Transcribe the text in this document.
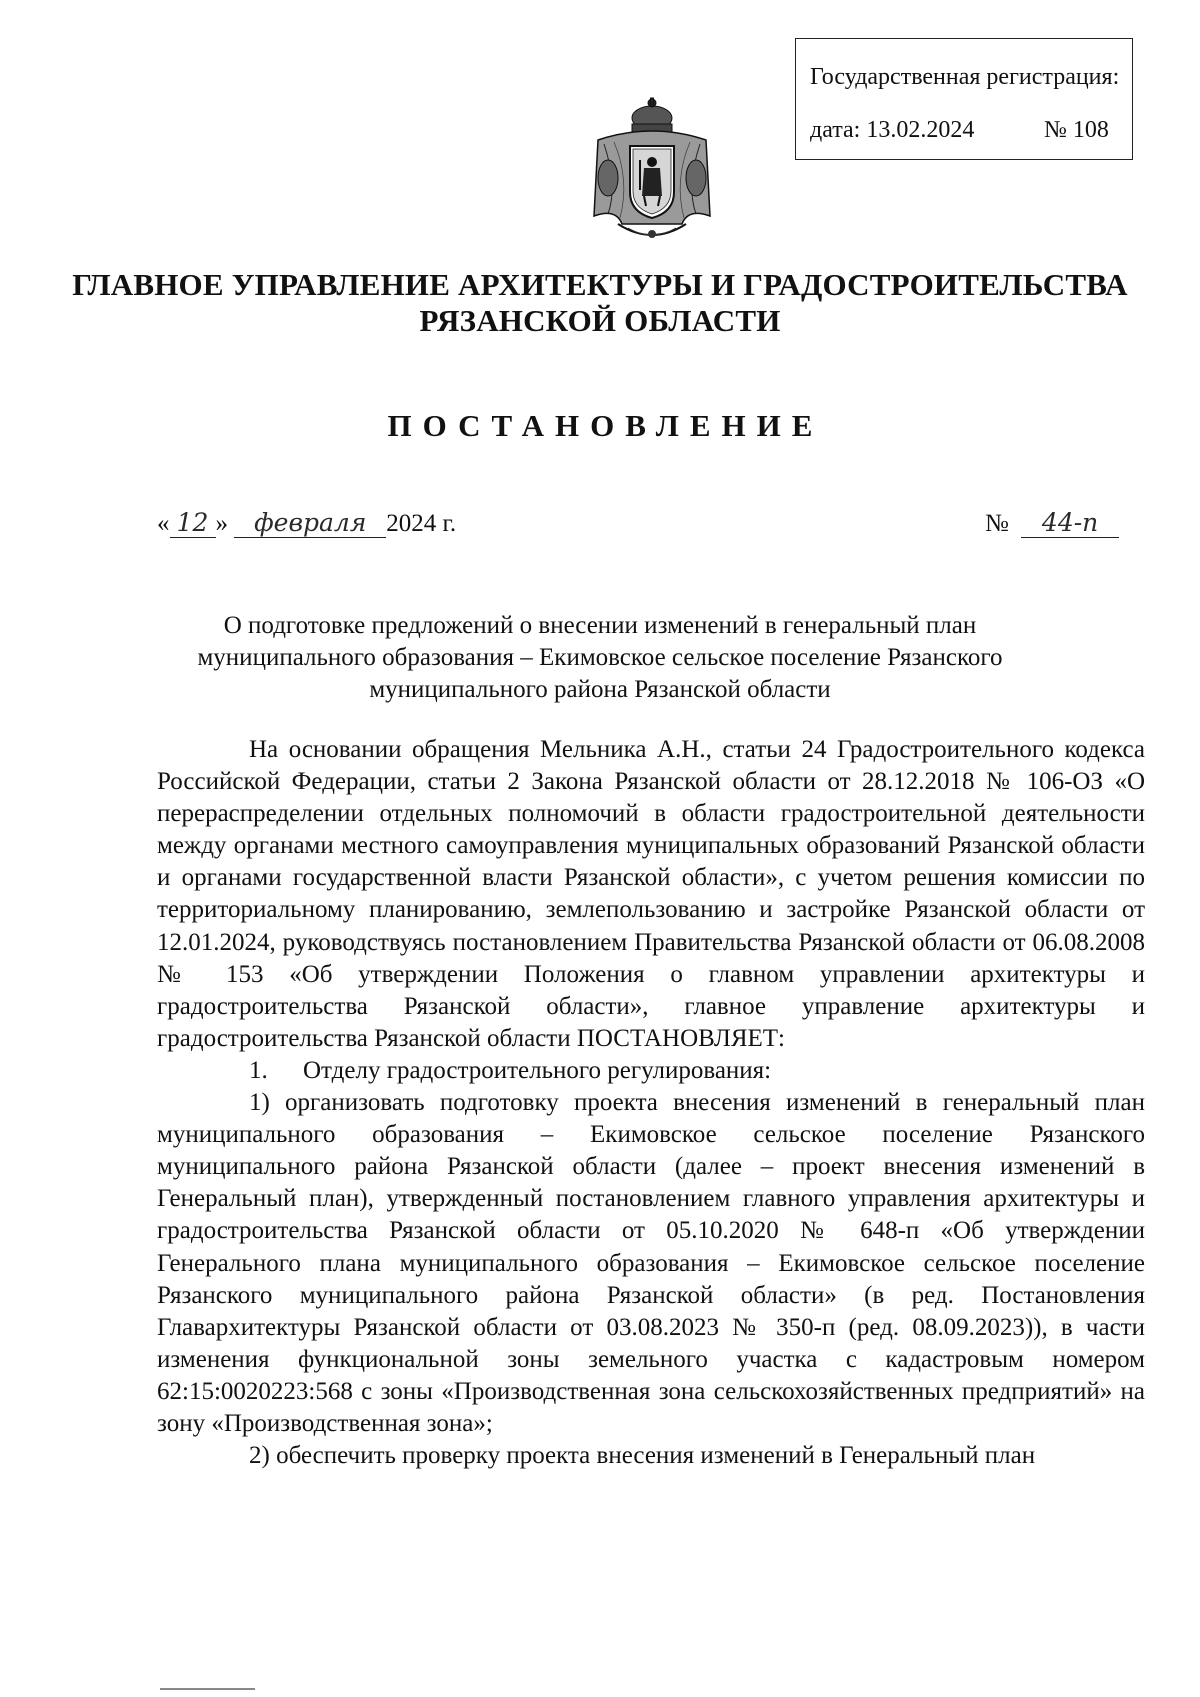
Государственная регистрация:
дата: 13.02.2024	№ 108
ГЛАВНОЕ УПРАВЛЕНИЕ АРХИТЕКТУРЫ И ГРАДОСТРОИТЕЛЬСТВА
РЯЗАНСКОЙ ОБЛАСТИ
ПОСТАНОВЛЕНИЕ
« 12 » февраля 2024 г.	№ 44-п
О подготовке предложений о внесении изменений в генеральный план
муниципального образования – Екимовское сельское поселение Рязанского
муниципального района Рязанской области

На основании обращения Мельника А.Н., статьи 24 Градостроительного кодекса Российской Федерации, статьи 2 Закона Рязанской области от 28.12.2018 № 106-ОЗ «О перераспределении отдельных полномочий в области градостроительной деятельности между органами местного самоуправления муниципальных образований Рязанской области и органами государственной власти Рязанской области», с учетом решения комиссии по территориальному планированию, землепользованию и застройке Рязанской области от 12.01.2024, руководствуясь постановлением Правительства Рязанской области от 06.08.2008 № 153 «Об утверждении Положения о главном управлении архитектуры и градостроительства Рязанской области», главное управление архитектуры и градостроительства Рязанской области ПОСТАНОВЛЯЕТ:

1. Отделу градостроительного регулирования:

1) организовать подготовку проекта внесения изменений в генеральный план муниципального образования – Екимовское сельское поселение Рязанского муниципального района Рязанской области (далее – проект внесения изменений в Генеральный план), утвержденный постановлением главного управления архитектуры и градостроительства Рязанской области от 05.10.2020 № 648-п «Об утверждении Генерального плана муниципального образования – Екимовское сельское поселение Рязанского муниципального района Рязанской области» (в ред. Постановления Главархитектуры Рязанской области от 03.08.2023 № 350-п (ред. 08.09.2023)), в части изменения функциональной зоны земельного участка с кадастровым номером 62:15:0020223:568 с зоны «Производственная зона сельскохозяйственных предприятий» на зону «Производственная зона»;

2) обеспечить проверку проекта внесения изменений в Генеральный план
